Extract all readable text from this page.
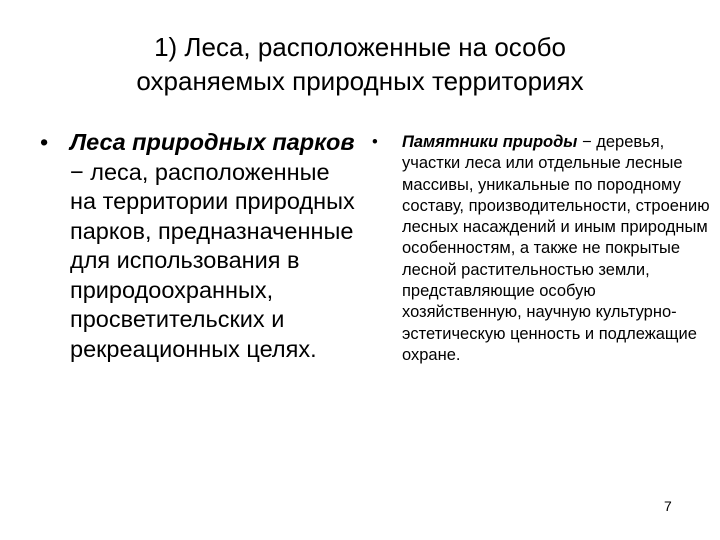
1) Леса, расположенные на особо
охраняемых природных территориях
• Леса природных парков − леса, расположенные на территории природных парков, предназначенные для использования в природоохранных, просветительских и рекреационных целях.
• Памятники природы − деревья, участки леса или отдельные лесные массивы, уникальные по породному составу, производительности, строению лесных насаждений и иным природным особенностям, а также не покрытые лесной растительностью земли, представляющие особую хозяйственную, научную культурно-эстетическую ценность и подлежащие охране.
7
